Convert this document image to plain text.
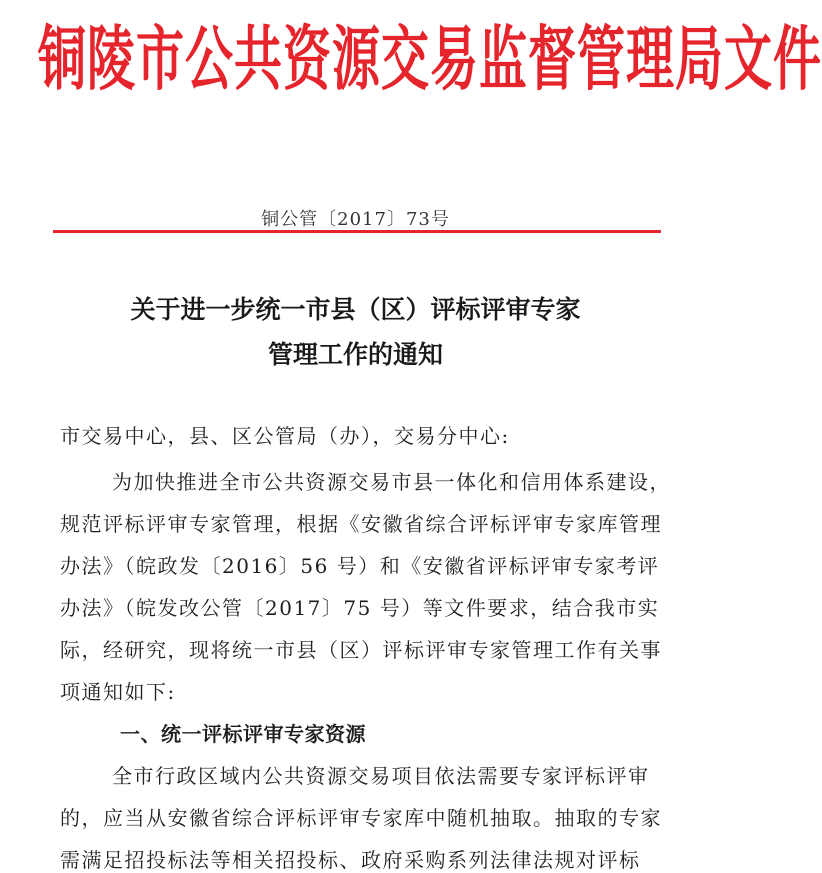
铜陵市公共资源交易监督管理局文件
铜公管〔2017〕73号
关于进一步统一市县（区）评标评审专家
管理工作的通知
市交易中心，县、区公管局（办），交易分中心:
为加快推进全市公共资源交易市县一体化和信用体系建设，
规范评标评审专家管理，根据《安徽省综合评标评审专家库管理
办法》（皖政发〔2016〕56 号）和《安徽省评标评审专家考评
办法》（皖发改公管〔2017〕75 号）等文件要求，结合我市实
际，经研究，现将统一市县（区）评标评审专家管理工作有关事
项通知如下:
一、统一评标评审专家资源
全市行政区域内公共资源交易项目依法需要专家评标评审
的，应当从安徽省综合评标评审专家库中随机抽取。抽取的专家
需满足招投标法等相关招投标、政府采购系列法律法规对评标
